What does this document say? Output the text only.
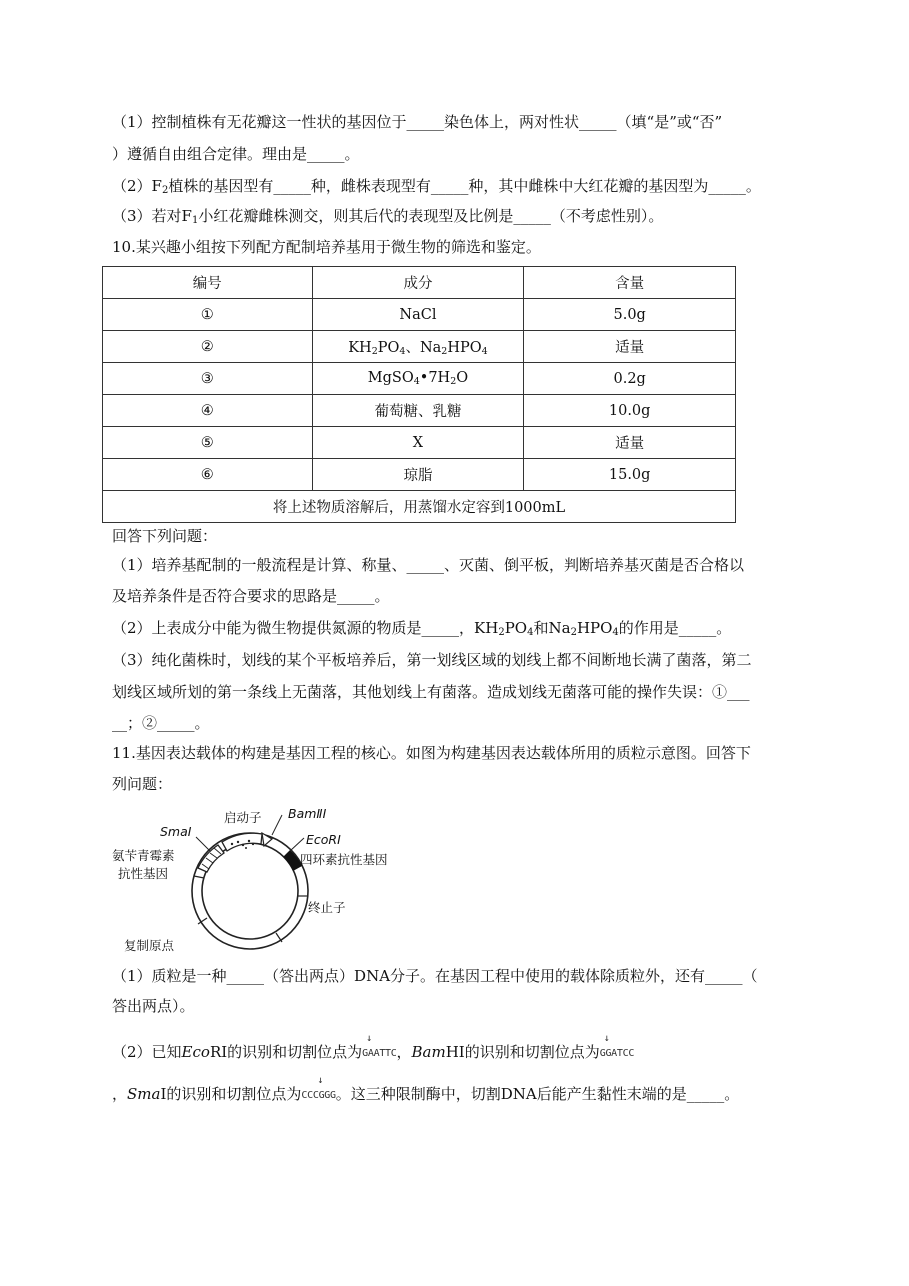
（1）控制植株有无花瓣这一性状的基因位于_____染色体上，两对性状_____（填“是”或“否”
）遵循自由组合定律。理由是_____。
$(2)F_2$植株的基因型有_____种，雌株表现型有_____种，其中雌株中大红花瓣的基因型为_____。
（3）若对$F_1$小红花瓣雌株测交，则其后代的表现型及比例是_____（不考虑性别）。
10.某兴趣小组按下列配方配制培养基用于微生物的筛选和鉴定。
编号	成分	含量
①	NaCl	5.0g
②	$KH_2PO_4$、$Na_2HPO_4$	适量
③	$MgSO_4•7H_2O$	0.2g
④	葡萄糖、乳糖	10.0g
⑤	X	适量
⑥	琼脂	15.0g
将上述物质溶解后，用蒸馏水定容到1000mL		
回答下列问题：
（1）培养基配制的一般流程是计算、称量、_____、灭菌、倒平板，判断培养基灭菌是否合格以
及培养条件是否符合要求的思路是_____。
（2）上表成分中能为微生物提供氮源的物质是_____，$KH_2PO_4$和$Na_2HPO_4$的作用是_____。
（3）纯化菌株时，划线的某个平板培养后，第一划线区域的划线上都不间断地长满了菌落，第二
划线区域所划的第一条线上无菌落，其他划线上有菌落。造成划线无菌落可能的操作失误：①___
__；②_____。
11.基因表达载体的构建是基因工程的核心。如图为构建基因表达载体所用的质粒示意图。回答下
列问题：
启动子 BamⅡⅠ
SmaⅠ
EcoRⅠ
氨苄青霉素
抗性基因
四环素抗性基因
终止子
复制原点
（1）质粒是一种_____（答出两点）DNA分子。在基因工程中使用的载体除质粒外，还有_____（
答出两点）。
（2）已知EcoRⅠ的识别和切割位点为
↓
GAATTC，BamHⅠ的识别和切割位点为
↓
GGATCC
，SmaⅠ的识别和切割位点为
↓
CCCGGG。这三种限制酶中，切割DNA后能产生黏性末端的是_____。
